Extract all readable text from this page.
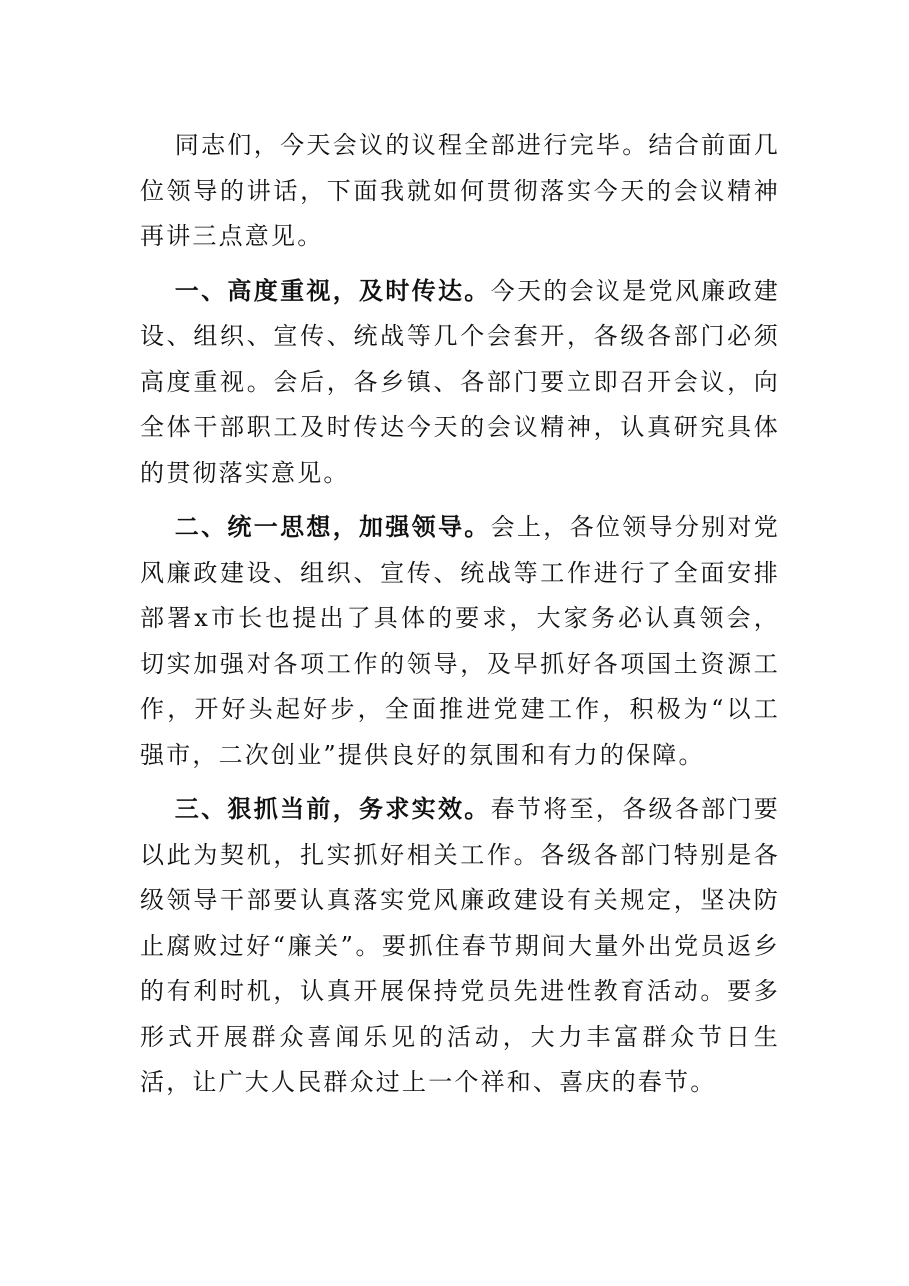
同志们，今天会议的议程全部进行完毕。结合前面几位领导的讲话，下面我就如何贯彻落实今天的会议精神再讲三点意见。

一、高度重视，及时传达。今天的会议是党风廉政建设、组织、宣传、统战等几个会套开，各级各部门必须高度重视。会后，各乡镇、各部门要立即召开会议，向全体干部职工及时传达今天的会议精神，认真研究具体的贯彻落实意见。

二、统一思想，加强领导。会上，各位领导分别对党风廉政建设、组织、宣传、统战等工作进行了全面安排部署x市长也提出了具体的要求，大家务必认真领会，切实加强对各项工作的领导，及早抓好各项国土资源工作，开好头起好步，全面推进党建工作，积极为“以工强市，二次创业”提供良好的氛围和有力的保障。

三、狠抓当前，务求实效。春节将至，各级各部门要以此为契机，扎实抓好相关工作。各级各部门特别是各级领导干部要认真落实党风廉政建设有关规定，坚决防止腐败过好“廉关”。要抓住春节期间大量外出党员返乡的有利时机，认真开展保持党员先进性教育活动。要多形式开展群众喜闻乐见的活动，大力丰富群众节日生活，让广大人民群众过上一个祥和、喜庆的春节。
